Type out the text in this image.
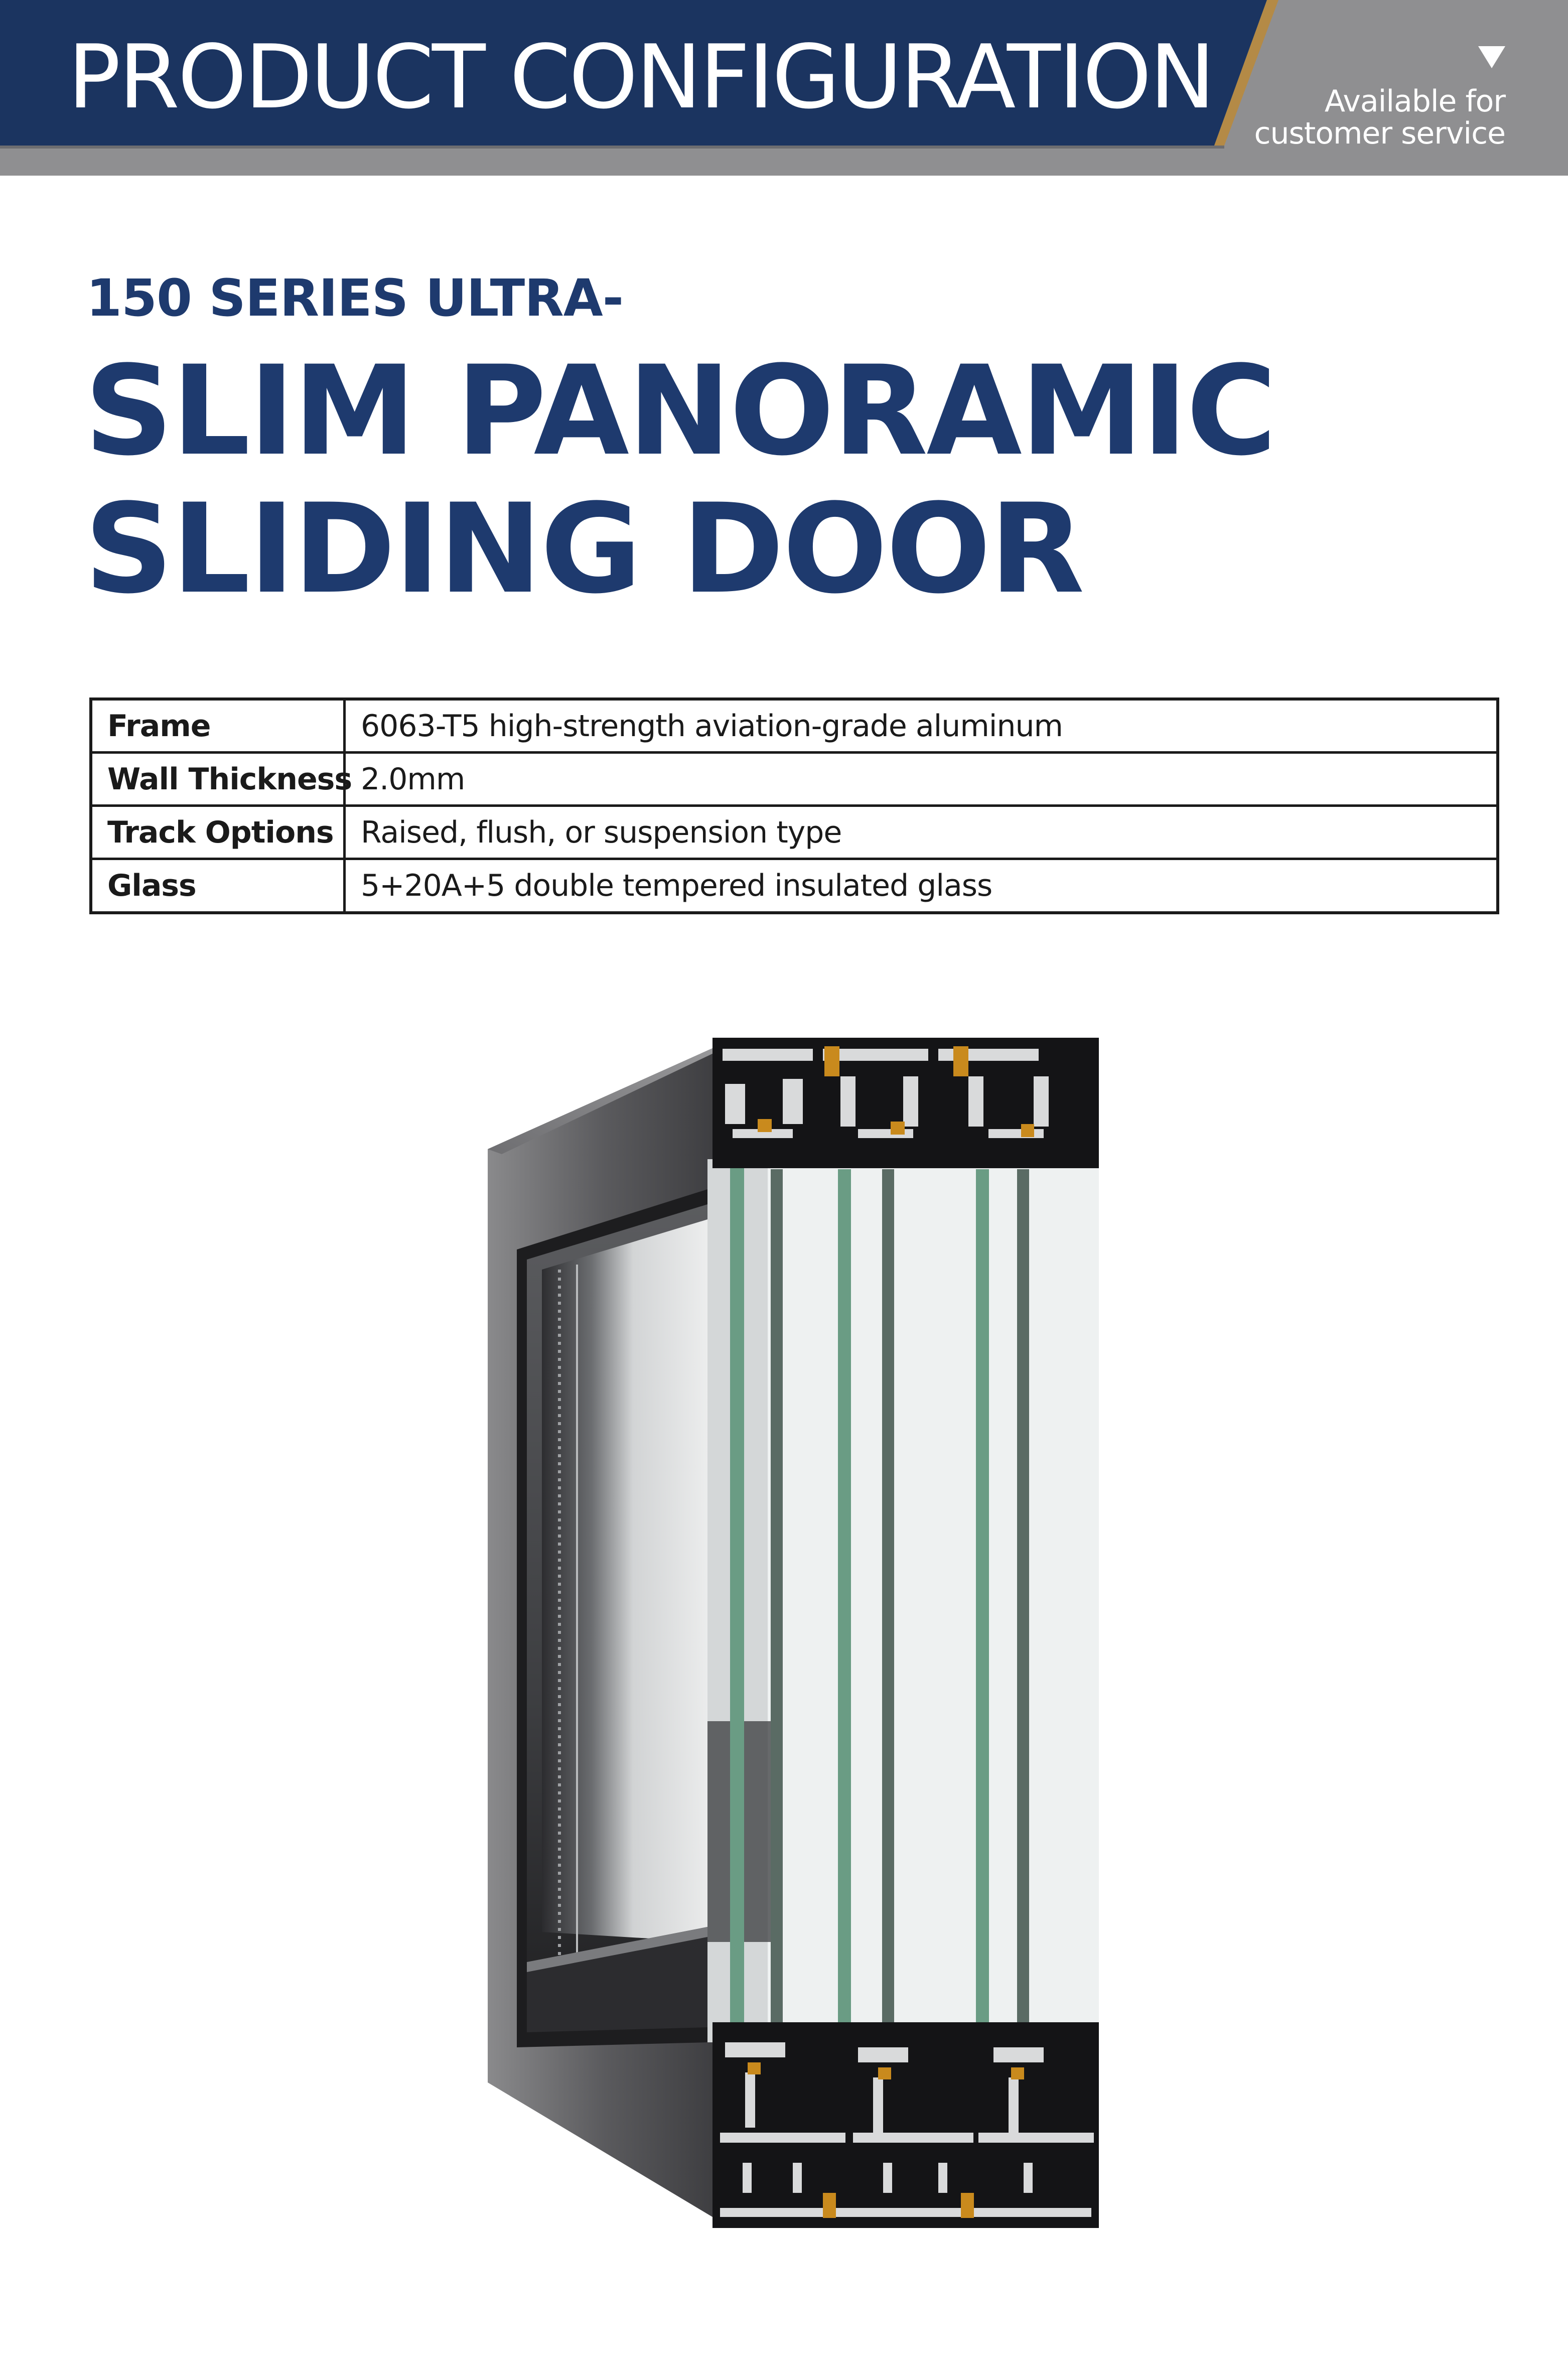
PRODUCT CONFIGURATION	Available for
customer service
150 SERIES ULTRA-
SLIM PANORAMIC
SLIDING DOOR
Frame	6063-T5 high-strength aviation-grade aluminum
Wall Thickness 2.0mm
Track Options Raised, flush, or suspension type
Glass	5+20A+5 double tempered insulated glass
